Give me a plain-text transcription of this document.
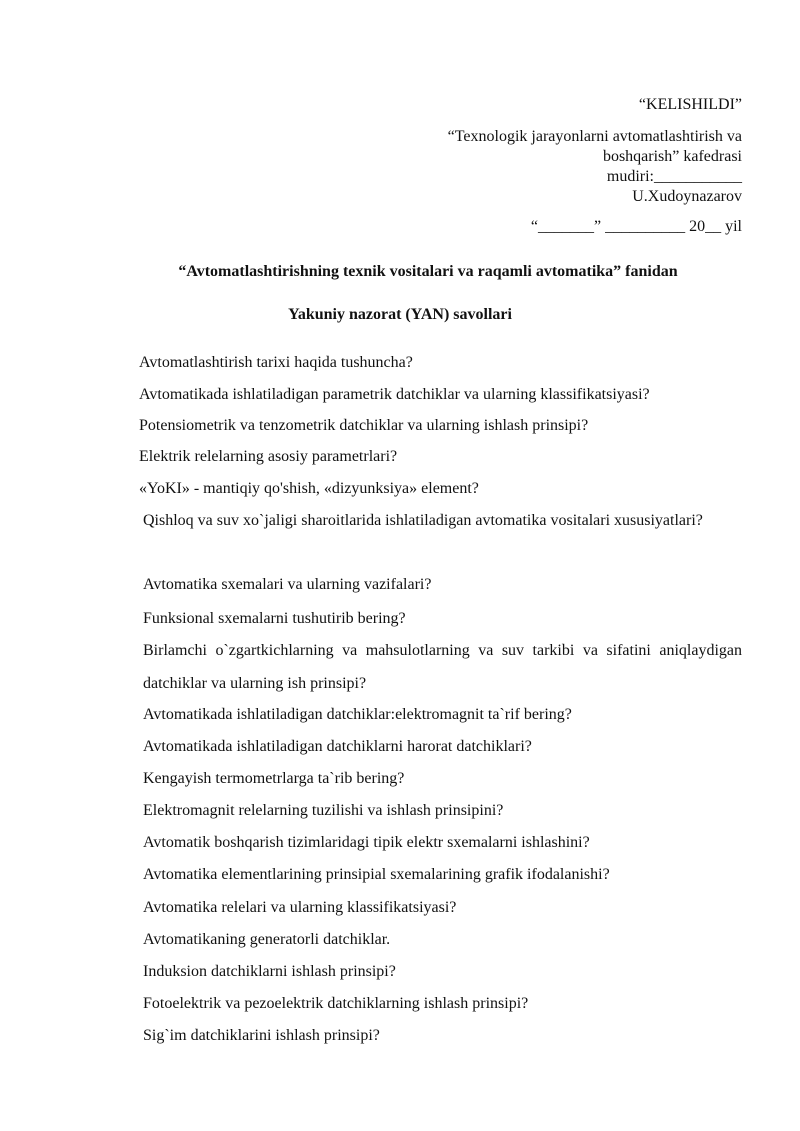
“KELISHILDI”
“Texnologik jarayonlarni avtomatlashtirish va
boshqarish” kafedrasi
mudiri:___________
U.Xudoynazarov
“_______” __________ 20__ yil
“Avtomatlashtirishning texnik vositalari va raqamli avtomatika” fanidan
Yakuniy nazorat (YAN) savollari
Avtomatlashtirish tarixi haqida tushuncha?
Avtomatikada ishlatiladigan parametrik datchiklar va ularning klassifikatsiyasi?
Potensiometrik va tenzometrik datchiklar va ularning ishlash prinsipi?
Elektrik relelarning asosiy parametrlari?
«YoKI» - mantiqiy qo'shish, «dizyunksiya» element?
Qishloq va suv xo`jaligi sharoitlarida ishlatiladigan avtomatika vositalari xususiyatlari?
Avtomatika sxemalari va ularning vazifalari?
Funksional sxemalarni tushutirib bering?
Birlamchi o`zgartkichlarning va mahsulotlarning va suv tarkibi va sifatini aniqlaydigan datchiklar va ularning ish prinsipi?
Avtomatikada ishlatiladigan datchiklar:elektromagnit ta`rif bering?
Avtomatikada ishlatiladigan datchiklarni harorat datchiklari?
Kengayish termometrlarga ta`rib bering?
Elektromagnit relelarning tuzilishi va ishlash prinsipini?
Avtomatik boshqarish tizimlaridagi tipik elektr sxemalarni ishlashini?
Avtomatika elementlarining prinsipial sxemalarining grafik ifodalanishi?
Avtomatika relelari va ularning klassifikatsiyasi?
Avtomatikaning generatorli datchiklar.
Induksion datchiklarni ishlash prinsipi?
Fotoelektrik va pezoelektrik datchiklarning ishlash prinsipi?
Sig`im datchiklarini ishlash prinsipi?
